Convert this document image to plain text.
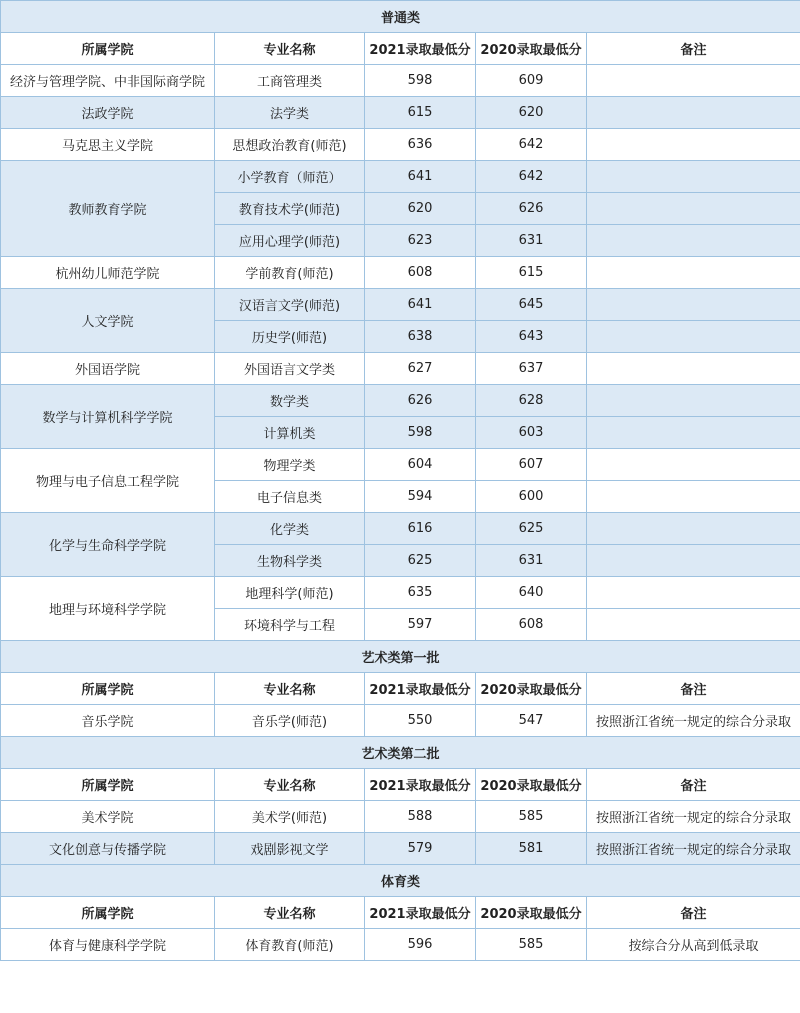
普通类				
所属学院	专业名称	2021录取最低分	2020录取最低分	备注
经济与管理学院、中非国际商学院	工商管理类	598	609	
法政学院	法学类	615	620	
马克思主义学院	思想政治教育(师范)	636	642	
教师教育学院	小学教育（师范）	641	642	
	教育技术学(师范)	620	626	
	应用心理学(师范)	623	631	
杭州幼儿师范学院	学前教育(师范)	608	615	
人文学院	汉语言文学(师范)	641	645	
	历史学(师范)	638	643	
外国语学院	外国语言文学类	627	637	
数学与计算机科学学院	数学类	626	628	
	计算机类	598	603	
物理与电子信息工程学院	物理学类	604	607	
	电子信息类	594	600	
化学与生命科学学院	化学类	616	625	
	生物科学类	625	631	
地理与环境科学学院	地理科学(师范)	635	640	
	环境科学与工程	597	608	
艺术类第一批				
所属学院	专业名称	2021录取最低分	2020录取最低分	备注
音乐学院	音乐学(师范)	550	547	按照浙江省统一规定的综合分录取
艺术类第二批				
所属学院	专业名称	2021录取最低分	2020录取最低分	备注
美术学院	美术学(师范)	588	585	按照浙江省统一规定的综合分录取
文化创意与传播学院	戏剧影视文学	579	581	按照浙江省统一规定的综合分录取
体育类				
所属学院	专业名称	2021录取最低分	2020录取最低分	备注
体育与健康科学学院	体育教育(师范)	596	585	按综合分从高到低录取
